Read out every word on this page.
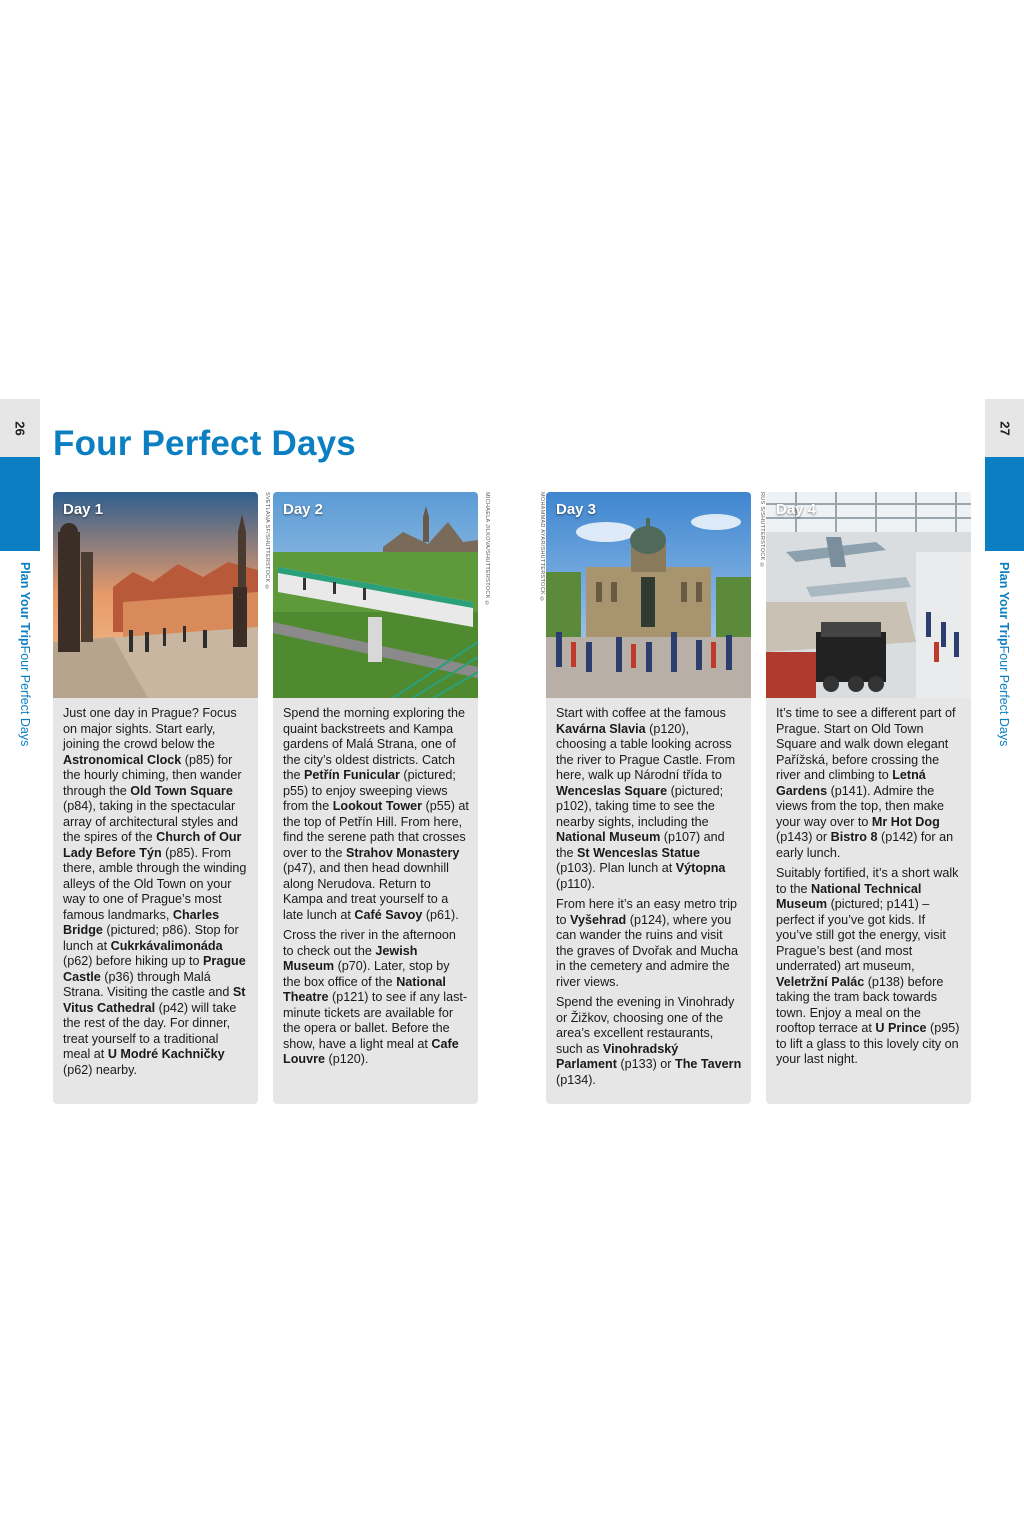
26	27
Plan Your TripFour Perfect Days
Plan Your TripFour Perfect Days
Four Perfect Days
Day 1

Just one day in Prague? Focus on major sights. Start early, joining the crowd below the Astronomical Clock (p85) for the hourly chiming, then wander through the Old Town Square (p84), taking in the spectacular array of architectural styles and the spires of the Church of Our Lady Before Týn (p85). From there, amble through the winding alleys of the Old Town on your way to one of Prague’s most famous landmarks, Charles Bridge (pictured; p86). Stop for lunch at Cukrkávalimonáda (p62) before hiking up to Prague Castle (p36) through Malá Strana. Visiting the castle and St Vitus Cathedral (p42) will take the rest of the day. For dinner, treat yourself to a traditional meal at U Modré Kachničky (p62) nearby.

SVETLANA SF/SHUTTERSTOCK © Day 2

Spend the morning exploring the quaint backstreets and Kampa gardens of Malá Strana, one of the city’s oldest districts. Catch the Petřín Funicular (pictured; p55) to enjoy sweeping views from the Lookout Tower (p55) at the top of Petřín Hill. From here, find the serene path that crosses over to the Strahov Monastery (p47), and then head downhill along Nerudova. Return to Kampa and treat yourself to a late lunch at Café Savoy (p61).

Cross the river in the afternoon to check out the Jewish Museum (p70). Later, stop by the box office of the National Theatre (p121) to see if any last-minute tickets are available for the opera or ballet. Before the show, have a light meal at Cafe Louvre (p120).

MICHAELA JILKOVA/SHUTTERSTOCK ©	MOHAMMAD AYAR/SHUTTERSTOCK © Day 3

Start with coffee at the famous Kavárna Slavia (p120), choosing a table looking across the river to Prague Castle. From here, walk up Národní třída to Wenceslas Square (pictured; p102), taking time to see the nearby sights, including the National Museum (p107) and the St Wenceslas Statue (p103). Plan lunch at Výtopna (p110).

From here it’s an easy metro trip to Vyšehrad (p124), where you can wander the ruins and visit the graves of Dvořak and Mucha in the cemetery and admire the river views.

Spend the evening in Vinohrady or Žižkov, choosing one of the area’s excellent restaurants, such as Vinohradský Parlament (p133) or The Tavern (p134).

Day 4

It’s time to see a different part of Prague. Start on Old Town Square and walk down elegant Pařížská, before crossing the river and climbing to Letná Gardens (p141). Admire the views from the top, then make your way over to Mr Hot Dog (p143) or Bistro 8 (p142) for an early lunch.

Suitably fortified, it’s a short walk to the National Technical Museum (pictured; p141) – perfect if you’ve got kids. If you’ve still got the energy, visit Prague’s best (and most underrated) art museum, Veletržní Palác (p138) before taking the tram back towards town. Enjoy a meal on the rooftop terrace at U Prince (p95) to lift a glass to this lovely city on your last night.

RUS S/SHUTTERSTOCK ©
